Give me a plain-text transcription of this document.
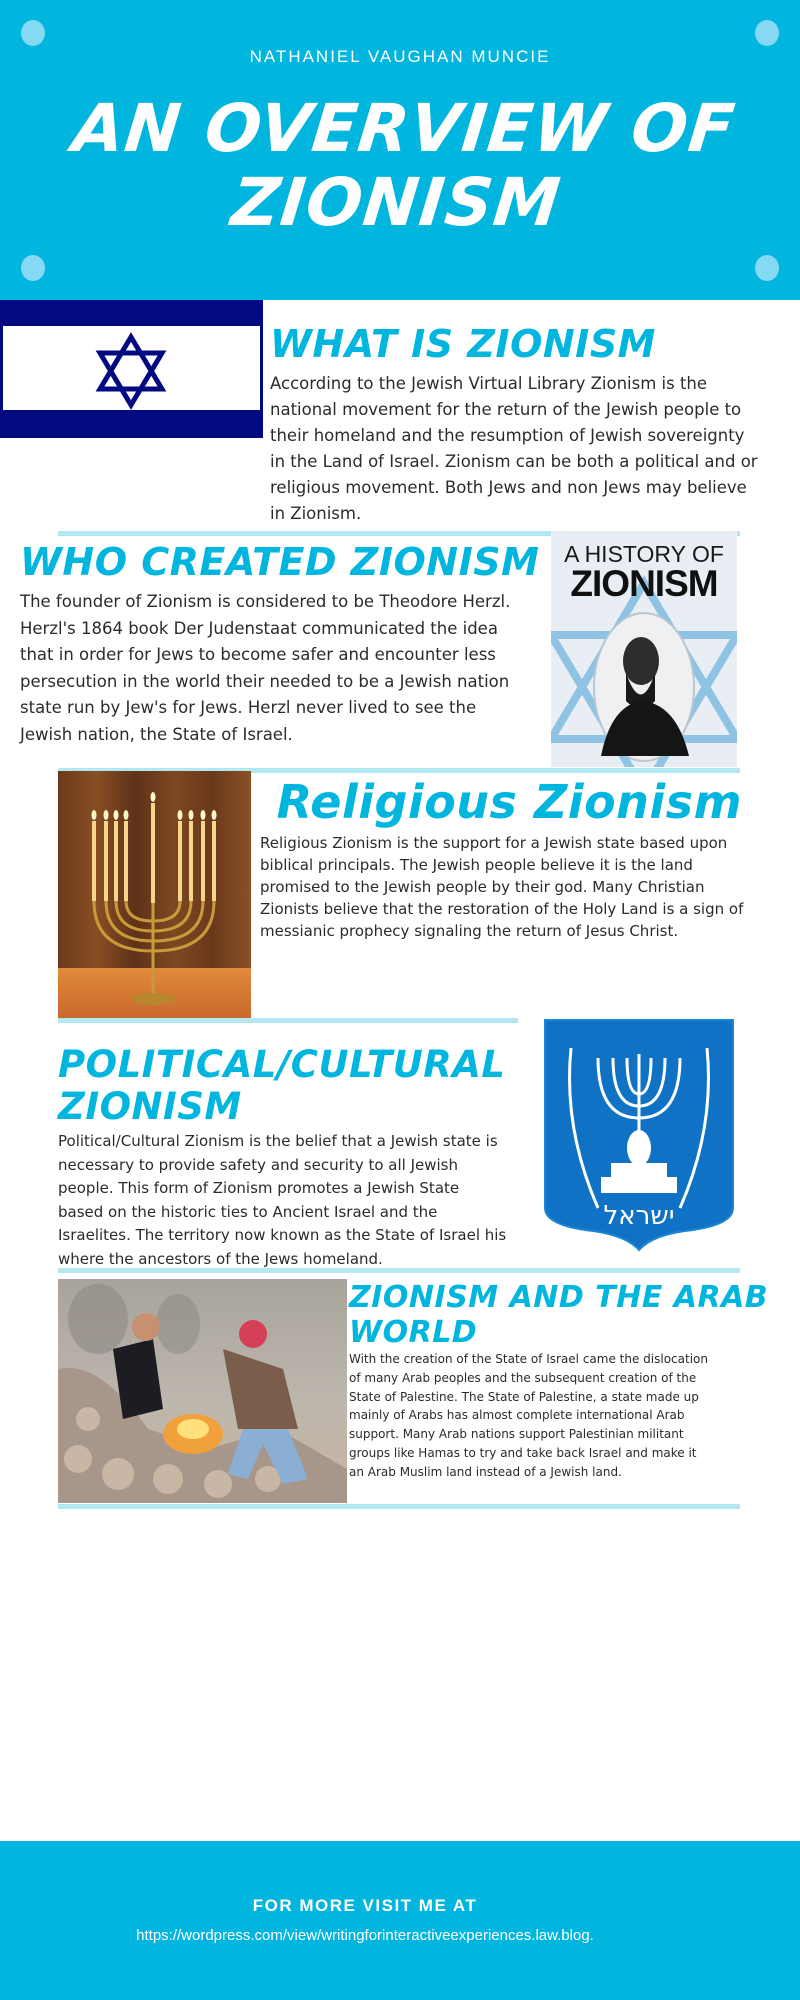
NATHANIEL VAUGHAN MUNCIE
AN OVERVIEW OF
ZIONISM
WHAT IS ZIONISM
According to the Jewish Virtual Library Zionism is the national movement for the return of the Jewish people to their homeland and the resumption of Jewish sovereignty in the Land of Israel. Zionism can be both a political and or religious movement. Both Jews and non Jews may believe in Zionism.
WHO CREATED ZIONISM
The founder of Zionism is considered to be Theodore Herzl. Herzl's 1864 book Der Judenstaat communicated the idea that in order for Jews to become safer and encounter less persecution in the world their needed to be a Jewish nation state run by Jew's for Jews. Herzl never lived to see the Jewish nation, the State of Israel.
A HISTORY OF
ZIONISM
Religious Zionism
Religious Zionism is the support for a Jewish state based upon biblical principals. The Jewish people believe it is the land promised to the Jewish people by their god. Many Christian Zionists believe that the restoration of the Holy Land is a sign of messianic prophecy signaling the return of Jesus Christ.
POLITICAL/CULTURAL
ZIONISM
Political/Cultural Zionism is the belief that a Jewish state is necessary to provide safety and security to all Jewish people. This form of Zionism promotes a Jewish State based on the historic ties to Ancient Israel and the Israelites. The territory now known as the State of Israel his where the ancestors of the Jews homeland.
ישראל
ZIONISM AND THE ARAB
WORLD
With the creation of the State of Israel came the dislocation of many Arab peoples and the subsequent creation of the State of Palestine. The State of Palestine, a state made up mainly of Arabs has almost complete international Arab support. Many Arab nations support Palestinian militant groups like Hamas to try and take back Israel and make it an Arab Muslim land instead of a Jewish land.
FOR MORE VISIT ME AT
https://wordpress.com/view/writingforinteractiveexperiences.law.blog.
